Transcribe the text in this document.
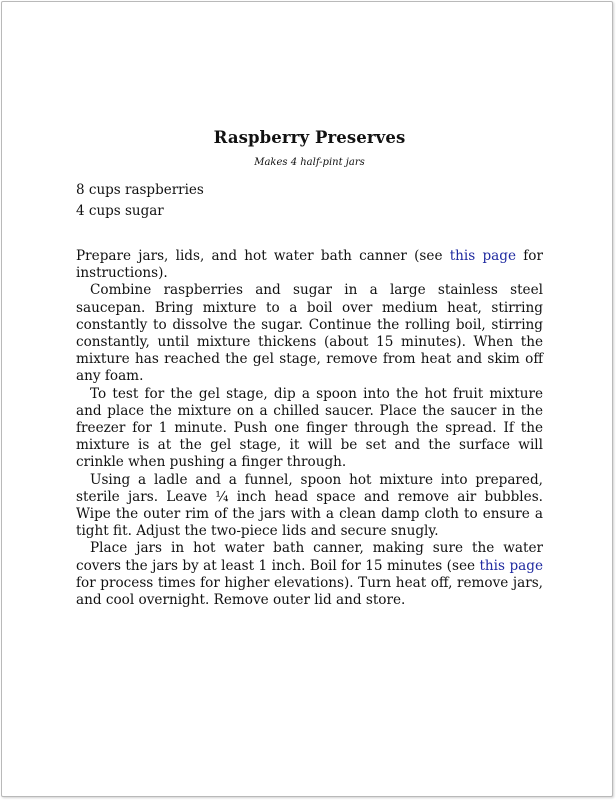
Raspberry Preserves
Makes 4 half-pint jars
8 cups raspberries
4 cups sugar

Prepare jars, lids, and hot water bath canner (see this page for instructions).

Combine raspberries and sugar in a large stainless steel saucepan. Bring mixture to a boil over medium heat, stirring constantly to dissolve the sugar. Continue the rolling boil, stirring constantly, until mixture thickens (about 15 minutes). When the mixture has reached the gel stage, remove from heat and skim off any foam.

To test for the gel stage, dip a spoon into the hot fruit mixture and place the mixture on a chilled saucer. Place the saucer in the freezer for 1 minute. Push one finger through the spread. If the mixture is at the gel stage, it will be set and the surface will crinkle when pushing a finger through.

Using a ladle and a funnel, spoon hot mixture into prepared, sterile jars. Leave ¼ inch head space and remove air bubbles. Wipe the outer rim of the jars with a clean damp cloth to ensure a tight fit. Adjust the two-piece lids and secure snugly.

Place jars in hot water bath canner, making sure the water covers the jars by at least 1 inch. Boil for 15 minutes (see this page for process times for higher elevations). Turn heat off, remove jars, and cool overnight. Remove outer lid and store.
